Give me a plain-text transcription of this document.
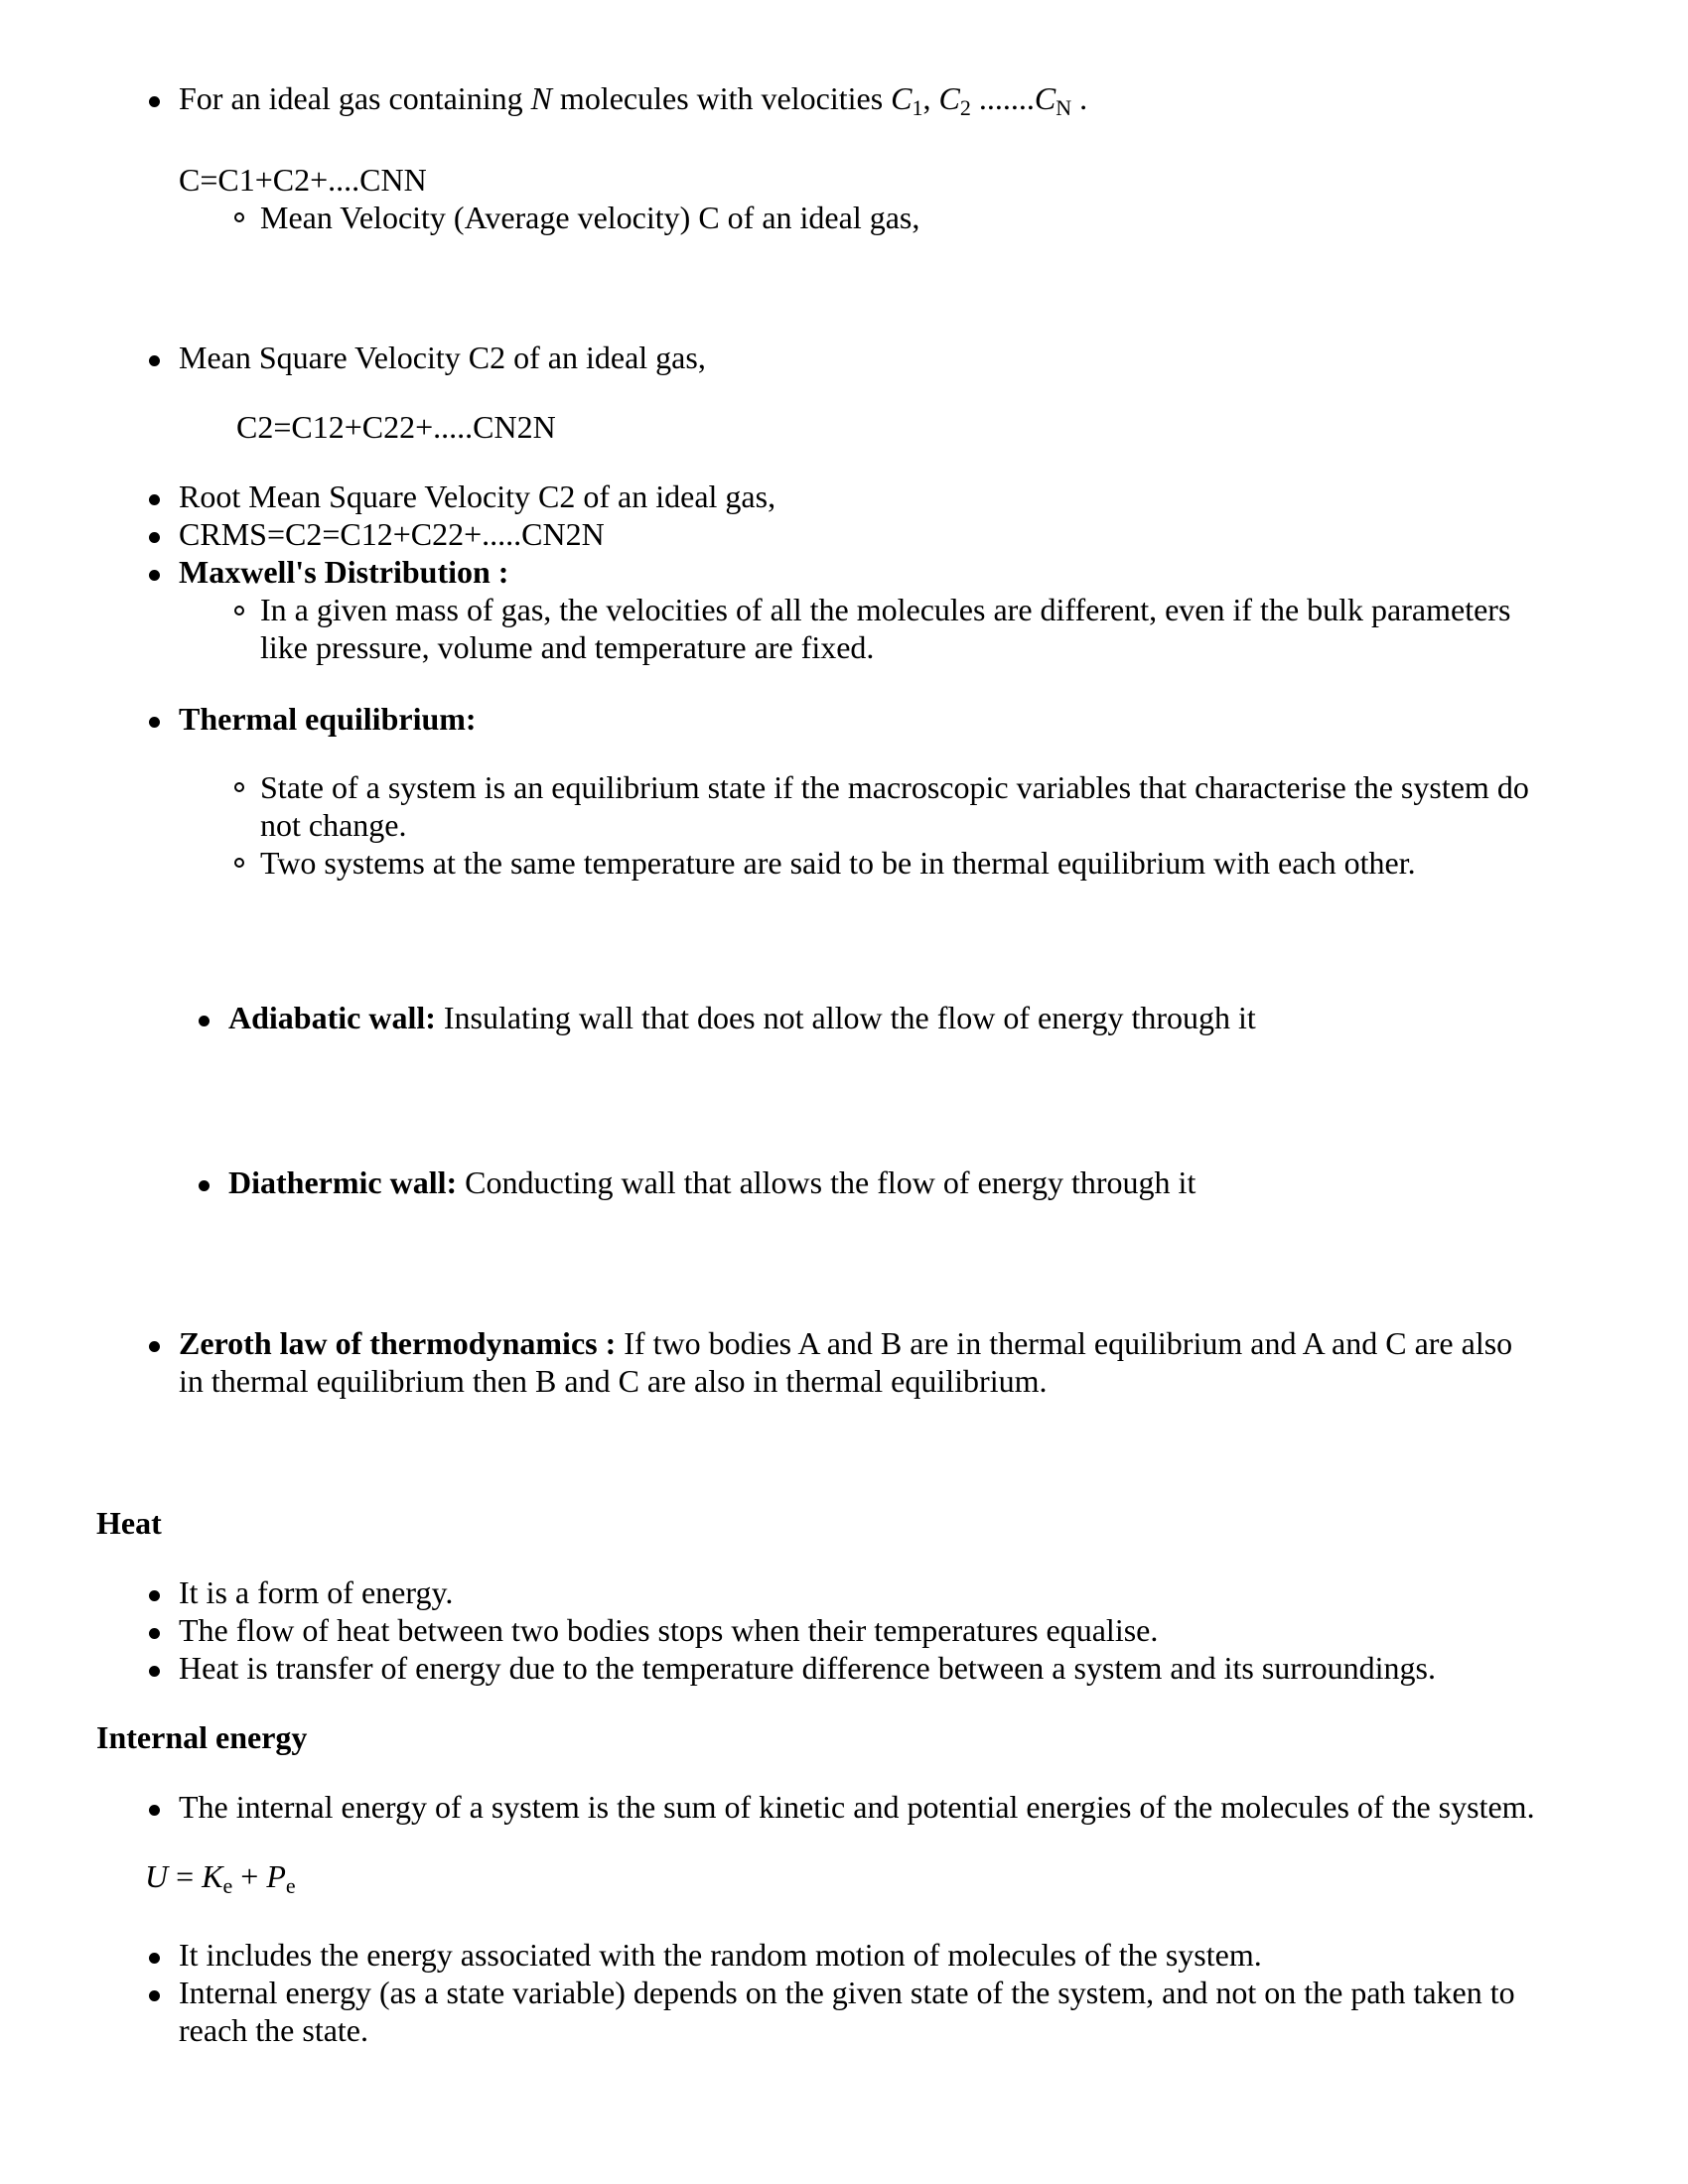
For an ideal gas containing N molecules with velocities $C_1$, $C_2$ $.......C_N$ .
C=C1+C2+....CNN
Mean Velocity (Average velocity) C of an ideal gas,
Mean Square Velocity C2 of an ideal gas,
C2=C12+C22+.....CN2N
Root Mean Square Velocity C2 of an ideal gas,
CRMS=C2=C12+C22+.....CN2N
Maxwell's Distribution :
In a given mass of gas, the velocities of all the molecules are different, even if the bulk parameters
like pressure, volume and temperature are fixed.
Thermal equilibrium:
State of a system is an equilibrium state if the macroscopic variables that characterise the system do
not change.
Two systems at the same temperature are said to be in thermal equilibrium with each other.
Adiabatic wall: Insulating wall that does not allow the flow of energy through it
Diathermic wall: Conducting wall that allows the flow of energy through it
Zeroth law of thermodynamics : If two bodies A and B are in thermal equilibrium and A and C are also
in thermal equilibrium then B and C are also in thermal equilibrium.
Heat
It is a form of energy.
The flow of heat between two bodies stops when their temperatures equalise.
Heat is transfer of energy due to the temperature difference between a system and its surroundings.
Internal energy
The internal energy of a system is the sum of kinetic and potential energies of the molecules of the system.
$U = K_e + P_e$
It includes the energy associated with the random motion of molecules of the system.
Internal energy (as a state variable) depends on the given state of the system, and not on the path taken to
reach the state.
